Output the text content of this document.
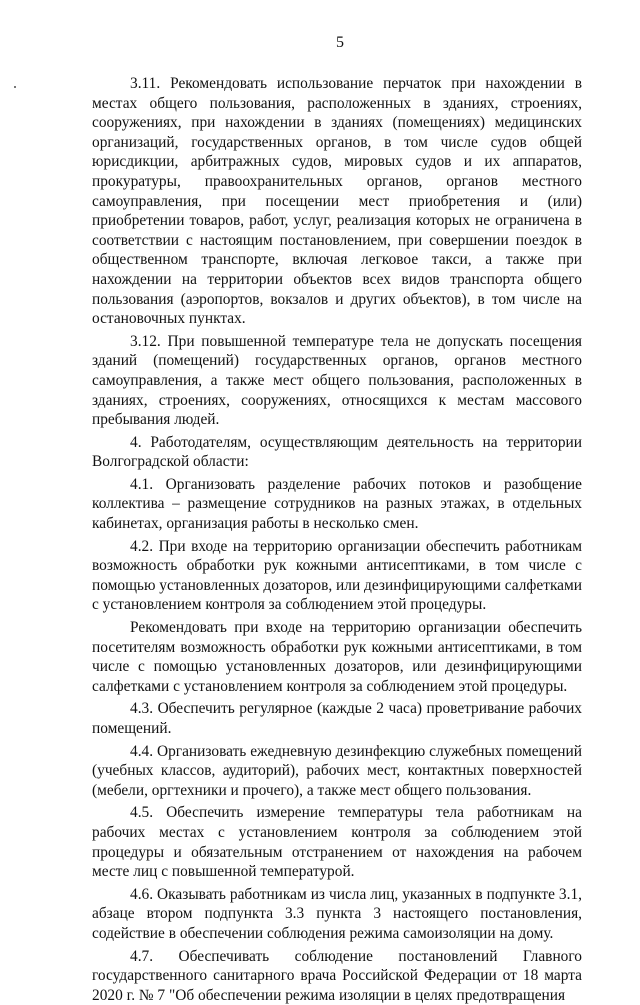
5

3.11. Рекомендовать использование перчаток при нахождении в местах общего пользования, расположенных в зданиях, строениях, сооружениях, при нахождении в зданиях (помещениях) медицинских организаций, государственных органов, в том числе судов общей юрисдикции, арбитражных судов, мировых судов и их аппаратов, прокуратуры, правоохранительных органов, органов местного самоуправления, при посещении мест приобретения и (или) приобретении товаров, работ, услуг, реализация которых не ограничена в соответствии с настоящим постановлением, при совершении поездок в общественном транспорте, включая легковое такси, а также при нахождении на территории объектов всех видов транспорта общего пользования (аэропортов, вокзалов и других объектов), в том числе на остановочных пунктах.

3.12. При повышенной температуре тела не допускать посещения зданий (помещений) государственных органов, органов местного самоуправления, а также мест общего пользования, расположенных в зданиях, строениях, сооружениях, относящихся к местам массового пребывания людей.

4. Работодателям, осуществляющим деятельность на территории Волгоградской области:

4.1. Организовать разделение рабочих потоков и разобщение коллектива – размещение сотрудников на разных этажах, в отдельных кабинетах, организация работы в несколько смен.

4.2. При входе на территорию организации обеспечить работникам возможность обработки рук кожными антисептиками, в том числе с помощью установленных дозаторов, или дезинфицирующими салфетками с установлением контроля за соблюдением этой процедуры.

Рекомендовать при входе на территорию организации обеспечить посетителям возможность обработки рук кожными антисептиками, в том числе с помощью установленных дозаторов, или дезинфицирующими салфетками с установлением контроля за соблюдением этой процедуры.

4.3. Обеспечить регулярное (каждые 2 часа) проветривание рабочих помещений.

4.4. Организовать ежедневную дезинфекцию служебных помещений (учебных классов, аудиторий), рабочих мест, контактных поверхностей (мебели, оргтехники и прочего), а также мест общего пользования.

4.5. Обеспечить измерение температуры тела работникам на рабочих местах с установлением контроля за соблюдением этой процедуры и обязательным отстранением от нахождения на рабочем месте лиц с повышенной температурой.

4.6. Оказывать работникам из числа лиц, указанных в подпункте 3.1, абзаце втором подпункта 3.3 пункта 3 настоящего постановления, содействие в обеспечении соблюдения режима самоизоляции на дому.

4.7. Обеспечивать соблюдение постановлений Главного государственного санитарного врача Российской Федерации от 18 марта 2020 г. № 7 "Об обеспечении режима изоляции в целях предотвращения
